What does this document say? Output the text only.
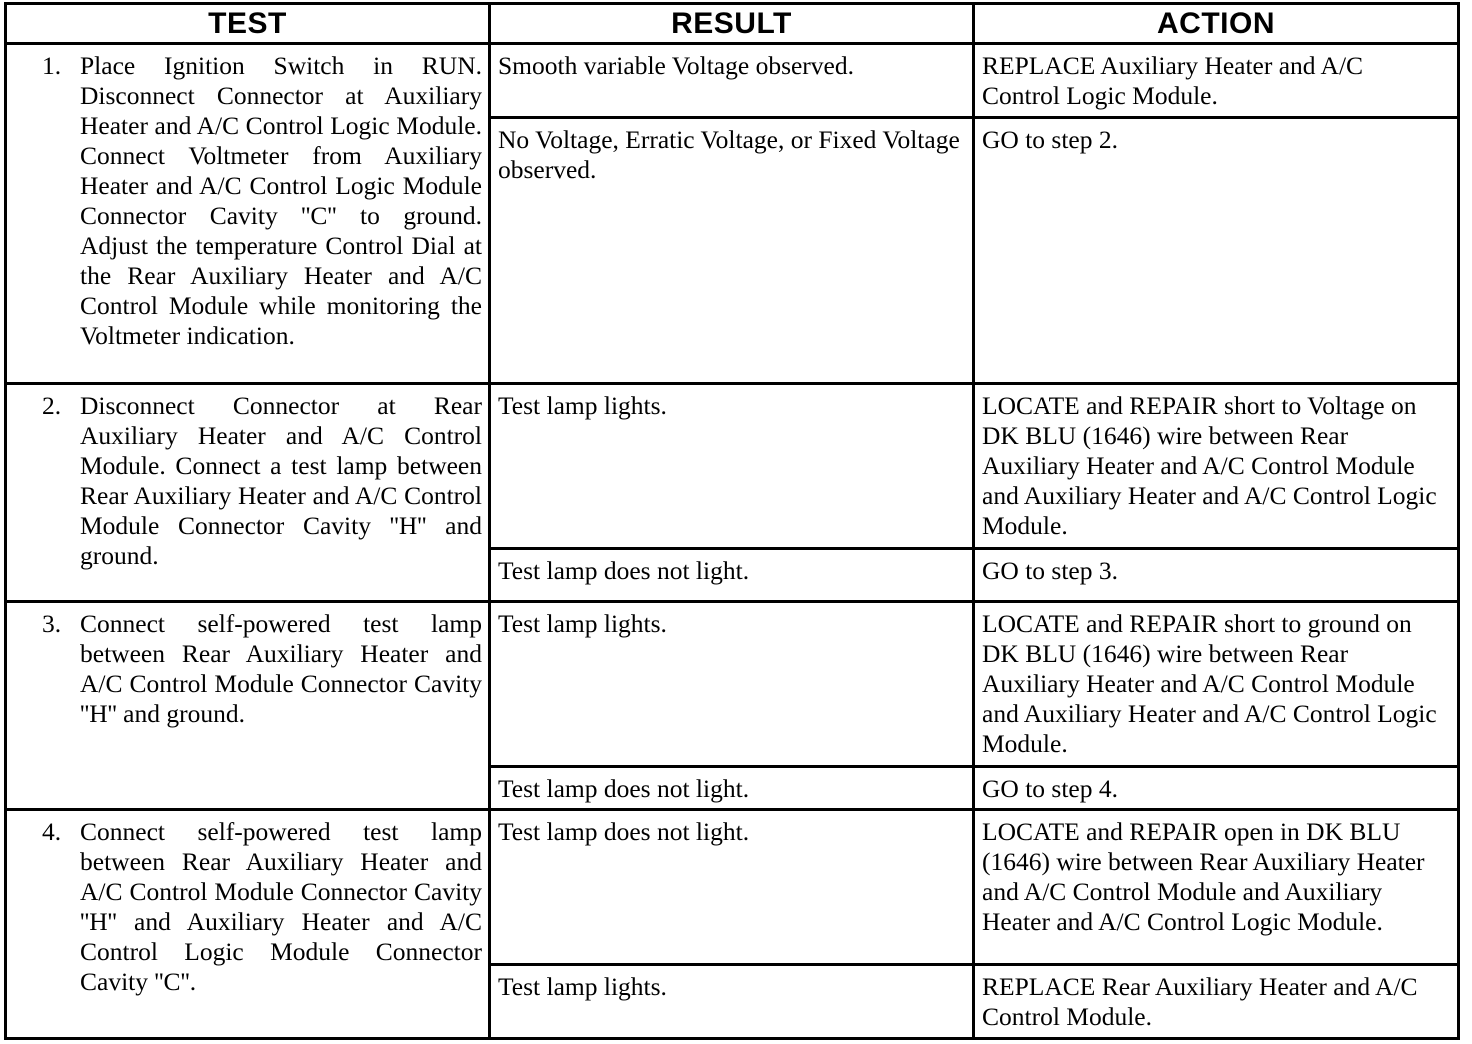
TEST	RESULT	ACTION

1. Place Ignition Switch in RUN. Disconnect Connector at Auxiliary Heater and A/C Control Logic Module. Connect Voltmeter from Auxiliary Heater and A/C Control Logic Module Connector Cavity ''C'' to ground. Adjust the temperature Control Dial at the Rear Auxiliary Heater and A/C Control Module while monitoring the Voltmeter indication.	Smooth variable Voltage observed.	REPLACE Auxiliary Heater and A/C Control Logic Module.
	No Voltage, Erratic Voltage, or Fixed Voltage observed.	GO to step 2.

2. Disconnect Connector at Rear Auxiliary Heater and A/C Control Module. Connect a test lamp between Rear Auxiliary Heater and A/C Control Module Connector Cavity ''H'' and ground.	Test lamp lights.	LOCATE and REPAIR short to Voltage on DK BLU (1646) wire between Rear Auxiliary Heater and A/C Control Module and Auxiliary Heater and A/C Control Logic Module.
	Test lamp does not light.	GO to step 3.

3. Connect self-powered test lamp between Rear Auxiliary Heater and A/C Control Module Connector Cavity ''H'' and ground.	Test lamp lights.	LOCATE and REPAIR short to ground on DK BLU (1646) wire between Rear Auxiliary Heater and A/C Control Module and Auxiliary Heater and A/C Control Logic Module.
	Test lamp does not light.	GO to step 4.

4. Connect self-powered test lamp between Rear Auxiliary Heater and A/C Control Module Connector Cavity ''H'' and Auxiliary Heater and A/C Control Logic Module Connector Cavity ''C''.	Test lamp does not light.	LOCATE and REPAIR open in DK BLU (1646) wire between Rear Auxiliary Heater and A/C Control Module and Auxiliary Heater and A/C Control Logic Module.
	Test lamp lights.	REPLACE Rear Auxiliary Heater and A/C Control Module.
